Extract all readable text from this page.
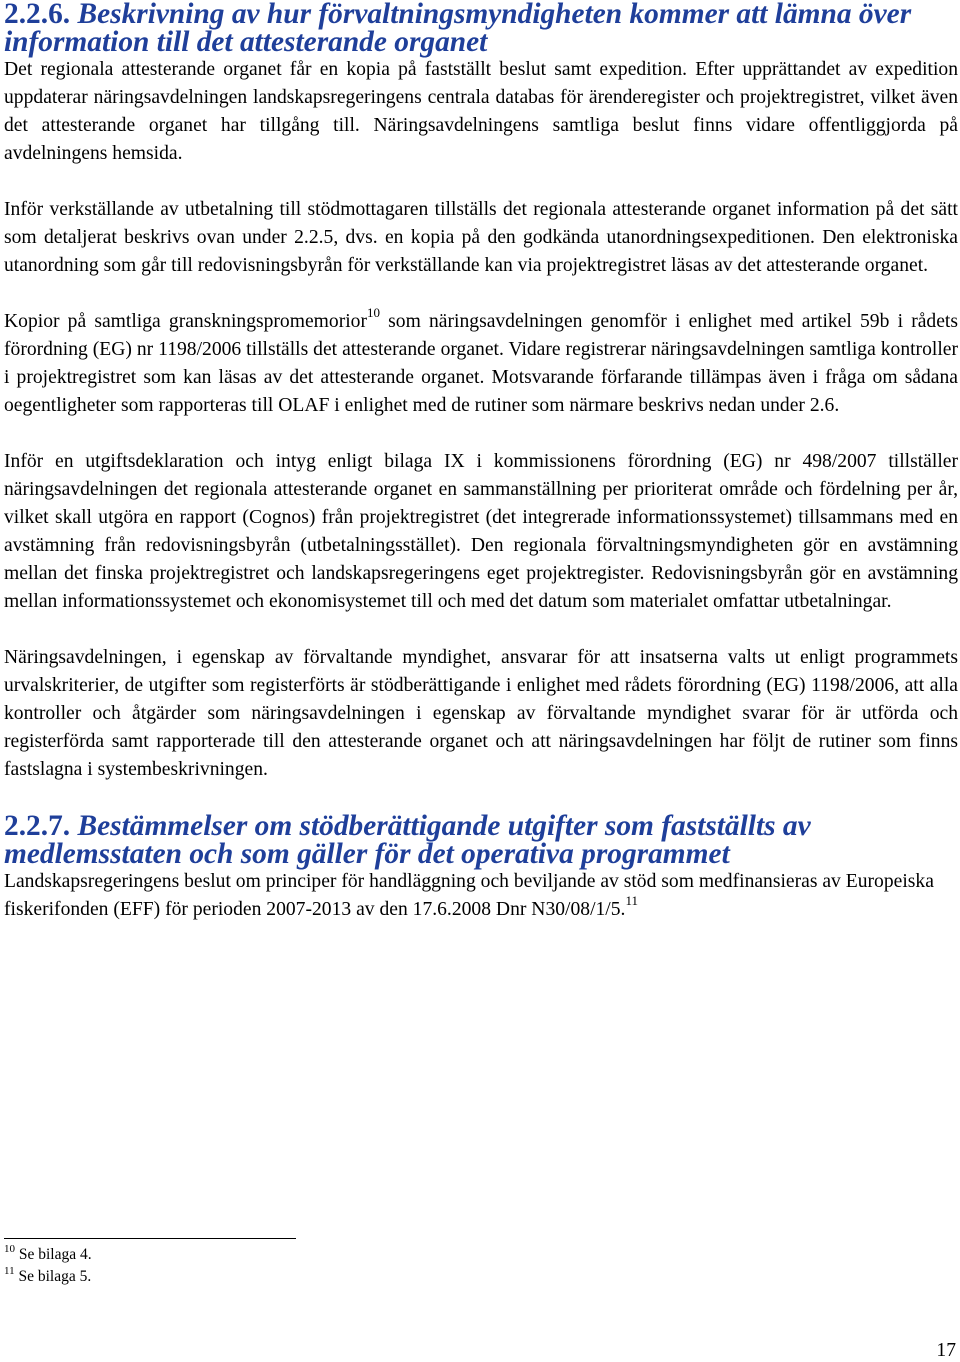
2.2.6. Beskrivning av hur förvaltningsmyndigheten kommer att lämna över information till det attesterande organet

Det regionala attesterande organet får en kopia på fastställt beslut samt expedition. Efter upprättandet av expedition uppdaterar näringsavdelningen landskapsregeringens centrala databas för ärenderegister och projektregistret, vilket även det attesterande organet har tillgång till. Näringsavdelningens samtliga beslut finns vidare offentliggjorda på avdelningens hemsida.

Inför verkställande av utbetalning till stödmottagaren tillställs det regionala attesterande organet information på det sätt som detaljerat beskrivs ovan under 2.2.5, dvs. en kopia på den godkända utanordningsexpeditionen. Den elektroniska utanordning som går till redovisningsbyrån för verkställande kan via projektregistret läsas av det attesterande organet.

Kopior på samtliga granskningspromemorior$^{10}$ som näringsavdelningen genomför i enlighet med artikel 59b i rådets förordning (EG) nr 1198/2006 tillställs det attesterande organet. Vidare registrerar näringsavdelningen samtliga kontroller i projektregistret som kan läsas av det attesterande organet. Motsvarande förfarande tillämpas även i fråga om sådana oegentligheter som rapporteras till OLAF i enlighet med de rutiner som närmare beskrivs nedan under 2.6.

Inför en utgiftsdeklaration och intyg enligt bilaga IX i kommissionens förordning (EG) nr 498/2007 tillställer näringsavdelningen det regionala attesterande organet en sammanställning per prioriterat område och fördelning per år, vilket skall utgöra en rapport (Cognos) från projektregistret (det integrerade informationssystemet) tillsammans med en avstämning från redovisningsbyrån (utbetalningsstället). Den regionala förvaltningsmyndigheten gör en avstämning mellan det finska projektregistret och landskapsregeringens eget projektregister. Redovisningsbyrån gör en avstämning mellan informationssystemet och ekonomisystemet till och med det datum som materialet omfattar utbetalningar.

Näringsavdelningen, i egenskap av förvaltande myndighet, ansvarar för att insatserna valts ut enligt programmets urvalskriterier, de utgifter som registerförts är stödberättigande i enlighet med rådets förordning (EG) 1198/2006, att alla kontroller och åtgärder som näringsavdelningen i egenskap av förvaltande myndighet svarar för är utförda och registerförda samt rapporterade till den attesterande organet och att näringsavdelningen har följt de rutiner som finns fastslagna i systembeskrivningen.

2.2.7. Bestämmelser om stödberättigande utgifter som fastställts av medlemsstaten och som gäller för det operativa programmet

Landskapsregeringens beslut om principer för handläggning och beviljande av stöd som medfinansieras av Europeiska fiskerifonden (EFF) för perioden 2007-2013 av den 17.6.2008 Dnr N30/08/1/5.11

$^{10}$ Se bilaga 4.
$^{11}$ Se bilaga 5.
17
